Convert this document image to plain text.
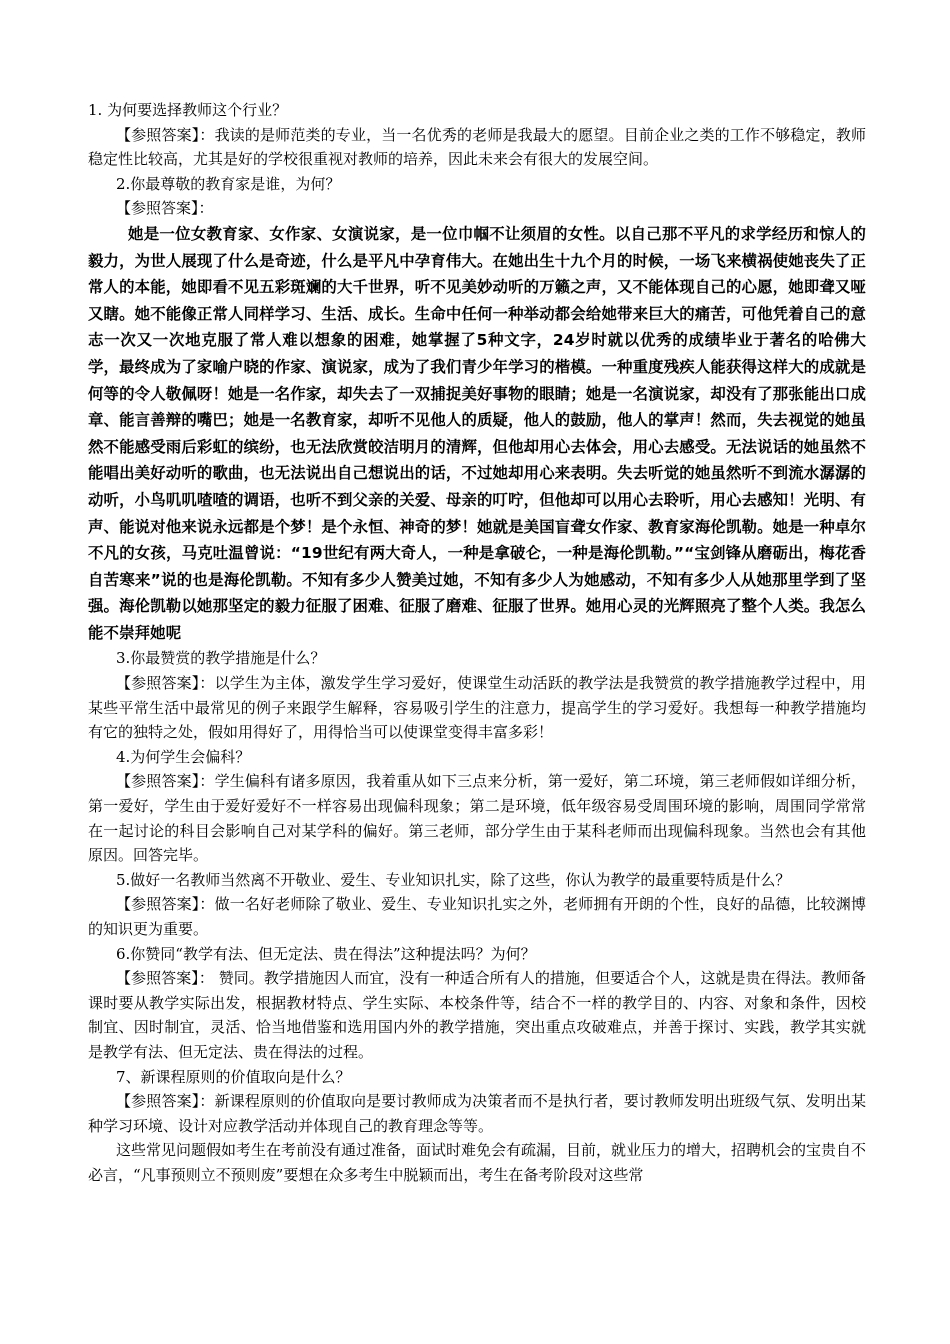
1. 为何要选择教师这个行业？

【参照答案】：我读的是师范类的专业，当一名优秀的老师是我最大的愿望。目前企业之类的工作不够稳定，教师稳定性比较高，尤其是好的学校很重视对教师的培养，因此未来会有很大的发展空间。

2.你最尊敬的教育家是谁，为何？

【参照答案】：

她是一位女教育家、女作家、女演说家，是一位巾帼不让须眉的女性。以自己那不平凡的求学经历和惊人的毅力，为世人展现了什么是奇迹，什么是平凡中孕育伟大。在她出生十九个月的时候，一场飞来横祸使她丧失了正常人的本能，她即看不见五彩斑斓的大千世界，听不见美妙动听的万籁之声，又不能体现自己的心愿，她即聋又哑又瞎。她不能像正常人同样学习、生活、成长。生命中任何一种举动都会给她带来巨大的痛苦，可他凭着自己的意志一次又一次地克服了常人难以想象的困难，她掌握了5种文字，24岁时就以优秀的成绩毕业于著名的哈佛大学，最终成为了家喻户晓的作家、演说家，成为了我们青少年学习的楷模。一种重度残疾人能获得这样大的成就是何等的令人敬佩呀！她是一名作家，却失去了一双捕捉美好事物的眼睛；她是一名演说家，却没有了那张能出口成章、能言善辩的嘴巴；她是一名教育家，却听不见他人的质疑，他人的鼓励，他人的掌声！然而，失去视觉的她虽然不能感受雨后彩虹的缤纷，也无法欣赏皎洁明月的清辉，但他却用心去体会，用心去感受。无法说话的她虽然不能唱出美好动听的歌曲，也无法说出自己想说出的话，不过她却用心来表明。失去听觉的她虽然听不到流水潺潺的动听，小鸟叽叽喳喳的调语，也听不到父亲的关爱、母亲的叮咛，但他却可以用心去聆听，用心去感知！光明、有声、能说对他来说永远都是个梦！是个永恒、神奇的梦！她就是美国盲聋女作家、教育家海伦凯勒。她是一种卓尔不凡的女孩，马克吐温曾说：“19世纪有两大奇人，一种是拿破仑，一种是海伦凯勒。”“宝剑锋从磨砺出，梅花香自苦寒来”说的也是海伦凯勒。不知有多少人赞美过她，不知有多少人为她感动，不知有多少人从她那里学到了坚强。海伦凯勒以她那坚定的毅力征服了困难、征服了磨难、征服了世界。她用心灵的光辉照亮了整个人类。我怎么能不崇拜她呢

3.你最赞赏的教学措施是什么？

【参照答案】：以学生为主体，激发学生学习爱好，使课堂生动活跃的教学法是我赞赏的教学措施教学过程中，用某些平常生活中最常见的例子来跟学生解释，容易吸引学生的注意力，提高学生的学习爱好。我想每一种教学措施均有它的独特之处，假如用得好了，用得恰当可以使课堂变得丰富多彩！

4.为何学生会偏科？

【参照答案】：学生偏科有诸多原因，我着重从如下三点来分析，第一爱好，第二环境，第三老师假如详细分析，第一爱好，学生由于爱好爱好不一样容易出现偏科现象；第二是环境，低年级容易受周围环境的影响，周围同学常常在一起讨论的科目会影响自己对某学科的偏好。第三老师，部分学生由于某科老师而出现偏科现象。当然也会有其他原因。回答完毕。

5.做好一名教师当然离不开敬业、爱生、专业知识扎实，除了这些，你认为教学的最重要特质是什么？

【参照答案】：做一名好老师除了敬业、爱生、专业知识扎实之外，老师拥有开朗的个性，良好的品德，比较渊博的知识更为重要。

6.你赞同“教学有法、但无定法、贵在得法”这种提法吗？为何？

【参照答案】： 赞同。教学措施因人而宜，没有一种适合所有人的措施，但要适合个人，这就是贵在得法。教师备课时要从教学实际出发，根据教材特点、学生实际、本校条件等，结合不一样的教学目的、内容、对象和条件，因校制宜、因时制宜，灵活、恰当地借鉴和选用国内外的教学措施，突出重点攻破难点，并善于探讨、实践，教学其实就是教学有法、但无定法、贵在得法的过程。

7、新课程原则的价值取向是什么？

【参照答案】：新课程原则的价值取向是要讨教师成为决策者而不是执行者，要讨教师发明出班级气氛、发明出某种学习环境、设计对应教学活动并体现自己的教育理念等等。

这些常见问题假如考生在考前没有通过准备，面试时难免会有疏漏，目前，就业压力的增大，招聘机会的宝贵自不必言，“凡事预则立不预则废”要想在众多考生中脱颖而出，考生在备考阶段对这些常
